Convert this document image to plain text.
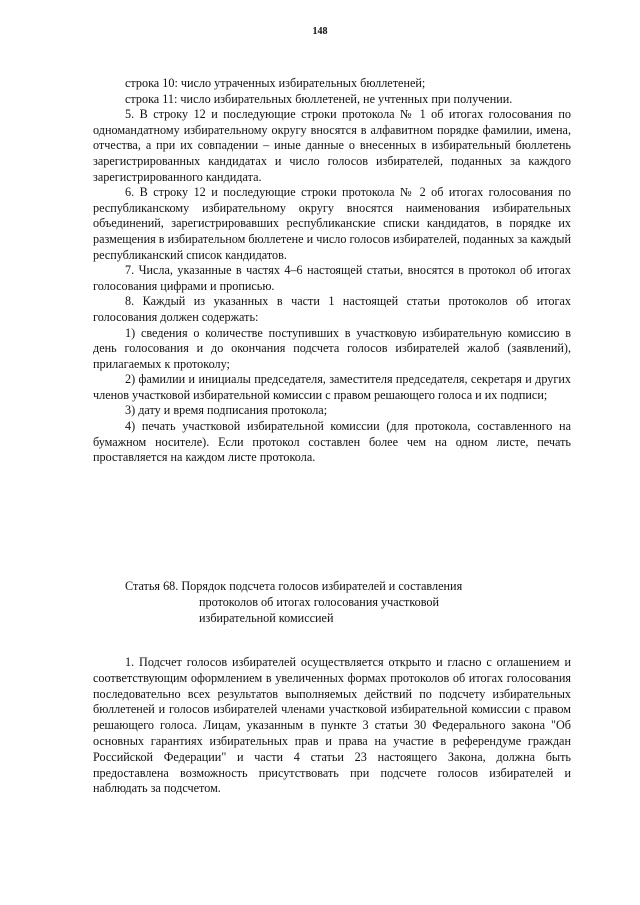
148

строка 10: число утраченных избирательных бюллетеней;

строка 11: число избирательных бюллетеней, не учтенных при получении.

5. В строку 12 и последующие строки протокола № 1 об итогах голосования по одномандатному избирательному округу вносятся в алфавитном порядке фамилии, имена, отчества, а при их совпадении – иные данные о внесенных в избирательный бюллетень зарегистрированных кандидатах и число голосов избирателей, поданных за каждого зарегистрированного кандидата.

6. В строку 12 и последующие строки протокола № 2 об итогах голосования по республиканскому избирательному округу вносятся наименования избирательных объединений, зарегистрировавших республиканские списки кандидатов, в порядке их размещения в избирательном бюллетене и число голосов избирателей, поданных за каждый республиканский список кандидатов.

7. Числа, указанные в частях 4–6 настоящей статьи, вносятся в протокол об итогах голосования цифрами и прописью.

8. Каждый из указанных в части 1 настоящей статьи протоколов об итогах голосования должен содержать:

1) сведения о количестве поступивших в участковую избирательную комиссию в день голосования и до окончания подсчета голосов избирателей жалоб (заявлений), прилагаемых к протоколу;

2) фамилии и инициалы председателя, заместителя председателя, секретаря и других членов участковой избирательной комиссии с правом решающего голоса и их подписи;

3) дату и время подписания протокола;

4) печать участковой избирательной комиссии (для протокола, составленного на бумажном носителе). Если протокол составлен более чем на одном листе, печать проставляется на каждом листе протокола.

Статья 68. Порядок подсчета голосов избирателей и составления
протоколов об итогах голосования участковой
избирательной комиссией

1. Подсчет голосов избирателей осуществляется открыто и гласно с оглашением и соответствующим оформлением в увеличенных формах протоколов об итогах голосования последовательно всех результатов выполняемых действий по подсчету избирательных бюллетеней и голосов избирателей членами участковой избирательной комиссии с правом решающего голоса. Лицам, указанным в пункте 3 статьи 30 Федерального закона "Об основных гарантиях избирательных прав и права на участие в референдуме граждан Российской Федерации" и части 4 статьи 23 настоящего Закона, должна быть предоставлена возможность присутствовать при подсчете голосов избирателей и наблюдать за подсчетом.
